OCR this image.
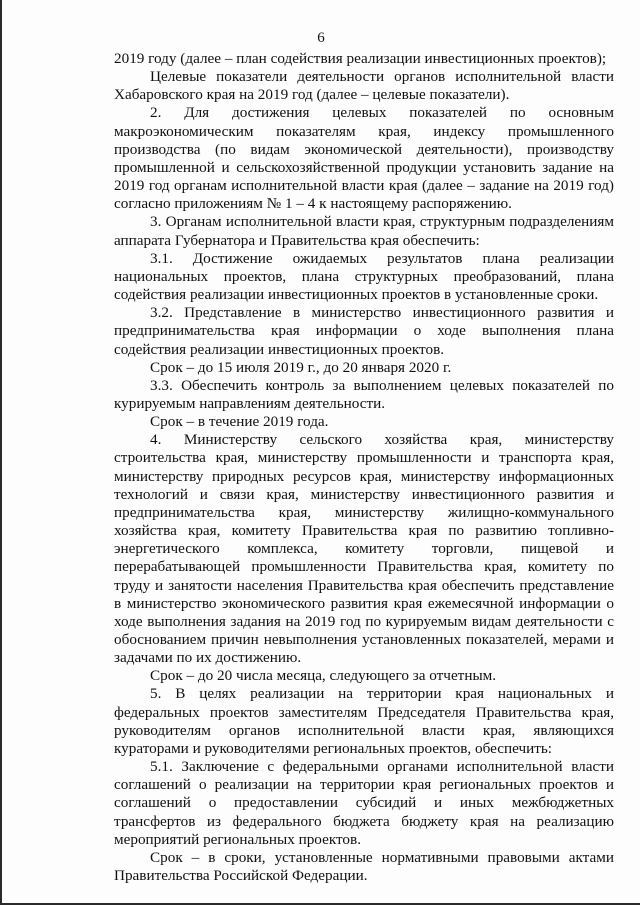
6

2019 году (далее – план содействия реализации инвестиционных проектов);

Целевые показатели деятельности органов исполнительной власти Хабаровского края на 2019 год (далее – целевые показатели).

2. Для достижения целевых показателей по основным макроэкономическим показателям края, индексу промышленного производства (по видам экономической деятельности), производству промышленной и сельскохозяйственной продукции установить задание на 2019 год органам исполнительной власти края (далее – задание на 2019 год) согласно приложениям № 1 – 4 к настоящему распоряжению.

3. Органам исполнительной власти края, структурным подразделениям аппарата Губернатора и Правительства края обеспечить:

3.1. Достижение ожидаемых результатов плана реализации национальных проектов, плана структурных преобразований, плана содействия реализации инвестиционных проектов в установленные сроки.

3.2. Представление в министерство инвестиционного развития и предпринимательства края информации о ходе выполнения плана содействия реализации инвестиционных проектов.

Срок – до 15 июля 2019 г., до 20 января 2020 г.

3.3. Обеспечить контроль за выполнением целевых показателей по курируемым направлениям деятельности.

Срок – в течение 2019 года.

4. Министерству сельского хозяйства края, министерству строительства края, министерству промышленности и транспорта края, министерству природных ресурсов края, министерству информационных технологий и связи края, министерству инвестиционного развития и предпринимательства края, министерству жилищно-коммунального хозяйства края, комитету Правительства края по развитию топливно-энергетического комплекса, комитету торговли, пищевой и перерабатывающей промышленности Правительства края, комитету по труду и занятости населения Правительства края обеспечить представление в министерство экономического развития края ежемесячной информации о ходе выполнения задания на 2019 год по курируемым видам деятельности с обоснованием причин невыполнения установленных показателей, мерами и задачами по их достижению.

Срок – до 20 числа месяца, следующего за отчетным.

5. В целях реализации на территории края национальных и федеральных проектов заместителям Председателя Правительства края, руководителям органов исполнительной власти края, являющихся кураторами и руководителями региональных проектов, обеспечить:

5.1. Заключение с федеральными органами исполнительной власти соглашений о реализации на территории края региональных проектов и соглашений о предоставлении субсидий и иных межбюджетных трансфертов из федерального бюджета бюджету края на реализацию мероприятий региональных проектов.

Срок – в сроки, установленные нормативными правовыми актами Правительства Российской Федерации.
